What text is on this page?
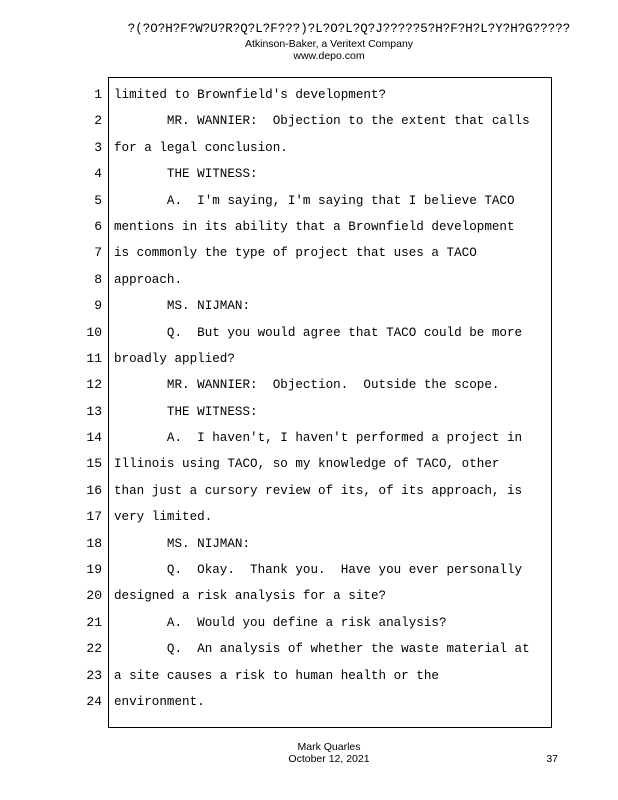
?(?O?H?F?W?U?R?Q?L?F???)?L?O?L?Q?J?????5?H?F?H?L?Y?H?G?????
Atkinson-Baker, a Veritext Company
www.depo.com
1
2
3
4
5
6
7
8
9
10
11
12
13
14
15
16
17
18
19
20
21
22
23
24
limited to Brownfield's development?
MR. WANNIER:  Objection to the extent that calls
for a legal conclusion.
THE WITNESS:
A.  I'm saying, I'm saying that I believe TACO
mentions in its ability that a Brownfield development
is commonly the type of project that uses a TACO
approach.
MS. NIJMAN:
Q.  But you would agree that TACO could be more
broadly applied?
MR. WANNIER:  Objection.  Outside the scope.
THE WITNESS:
A.  I haven't, I haven't performed a project in
Illinois using TACO, so my knowledge of TACO, other
than just a cursory review of its, of its approach, is
very limited.
MS. NIJMAN:
Q.  Okay.  Thank you.  Have you ever personally
designed a risk analysis for a site?
A.  Would you define a risk analysis?
Q.  An analysis of whether the waste material at
a site causes a risk to human health or the
environment.
Mark Quarles
October 12, 2021	37
